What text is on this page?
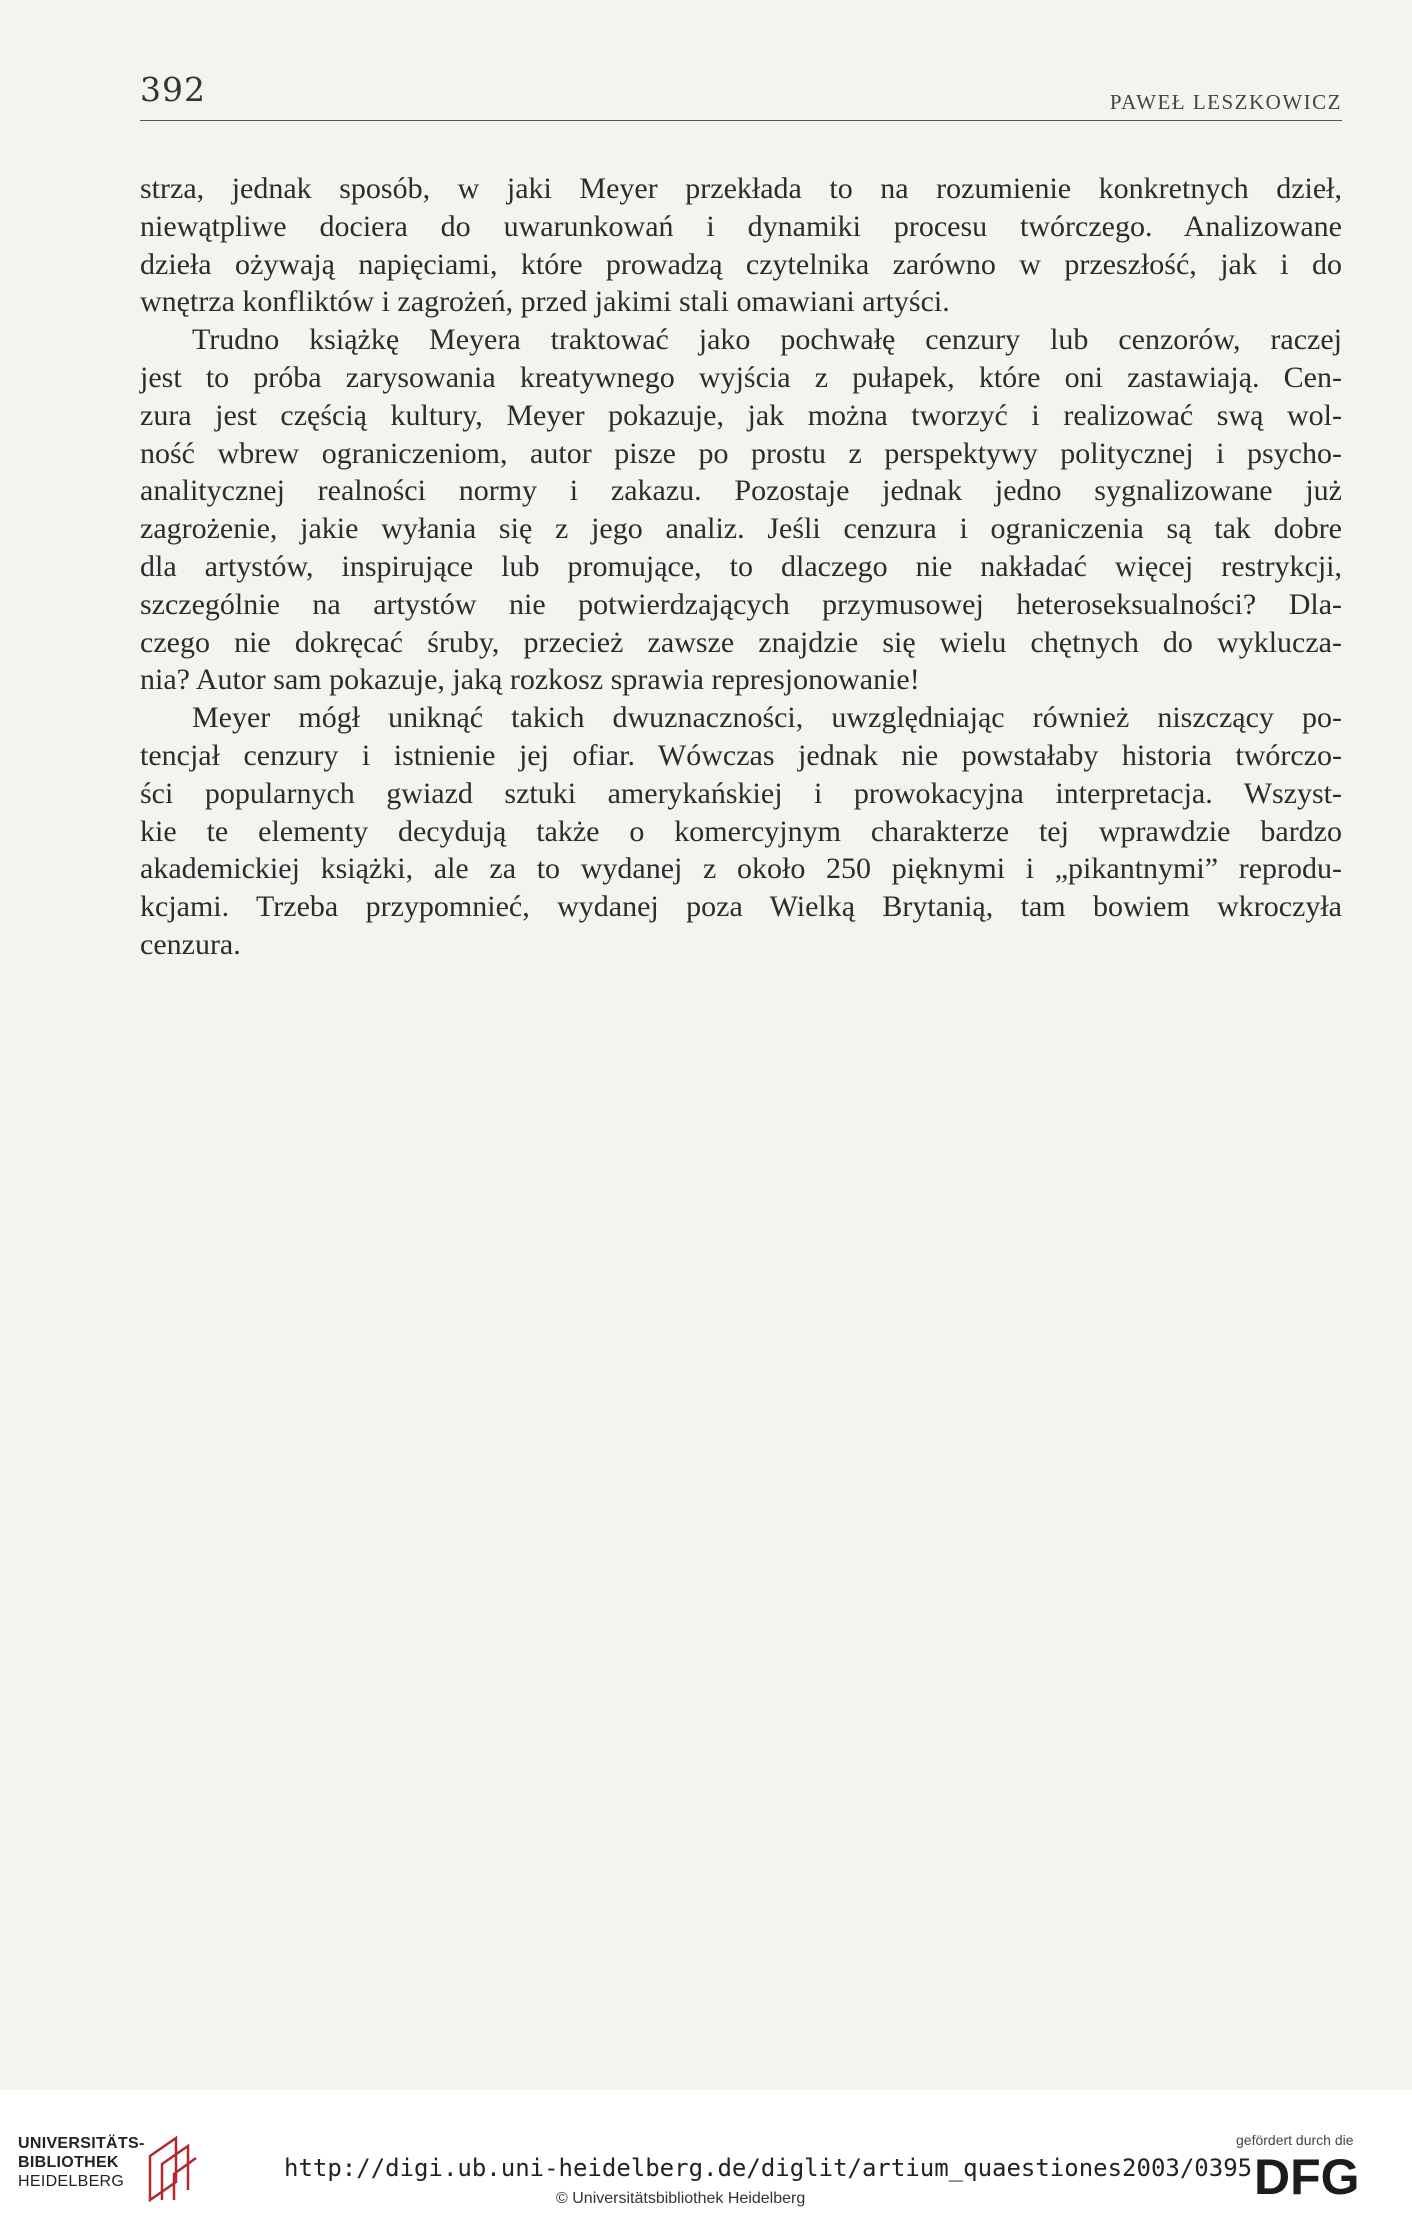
392	PAWEŁ LESZKOWICZ
strza, jednak sposób, w jaki Meyer przekłada to na rozumienie konkretnych dzieł,
niewątpliwe dociera do uwarunkowań i dynamiki procesu twórczego. Analizowane
dzieła ożywają napięciami, które prowadzą czytelnika zarówno w przeszłość, jak i do
wnętrza konfliktów i zagrożeń, przed jakimi stali omawiani artyści.
Trudno książkę Meyera traktować jako pochwałę cenzury lub cenzorów, raczej
jest to próba zarysowania kreatywnego wyjścia z pułapek, które oni zastawiają. Cen-
zura jest częścią kultury, Meyer pokazuje, jak można tworzyć i realizować swą wol-
ność wbrew ograniczeniom, autor pisze po prostu z perspektywy politycznej i psycho-
analitycznej realności normy i zakazu. Pozostaje jednak jedno sygnalizowane już
zagrożenie, jakie wyłania się z jego analiz. Jeśli cenzura i ograniczenia są tak dobre
dla artystów, inspirujące lub promujące, to dlaczego nie nakładać więcej restrykcji,
szczególnie na artystów nie potwierdzających przymusowej heteroseksualności? Dla-
czego nie dokręcać śruby, przecież zawsze znajdzie się wielu chętnych do wyklucza-
nia? Autor sam pokazuje, jaką rozkosz sprawia represjonowanie!
Meyer mógł uniknąć takich dwuznaczności, uwzględniając również niszczący po-
tencjał cenzury i istnienie jej ofiar. Wówczas jednak nie powstałaby historia twórczo-
ści popularnych gwiazd sztuki amerykańskiej i prowokacyjna interpretacja. Wszyst-
kie te elementy decydują także o komercyjnym charakterze tej wprawdzie bardzo
akademickiej książki, ale za to wydanej z około 250 pięknymi i „pikantnymi” reprodu-
kcjami. Trzeba przypomnieć, wydanej poza Wielką Brytanią, tam bowiem wkroczyła
cenzura.
UNIVERSITÄTS-
BIBLIOTHEK
HEIDELBERG	http://digi.ub.uni-heidelberg.de/diglit/artium_quaestiones2003/0395
© Universitätsbibliothek Heidelberg
gefördert durch die
DFG
